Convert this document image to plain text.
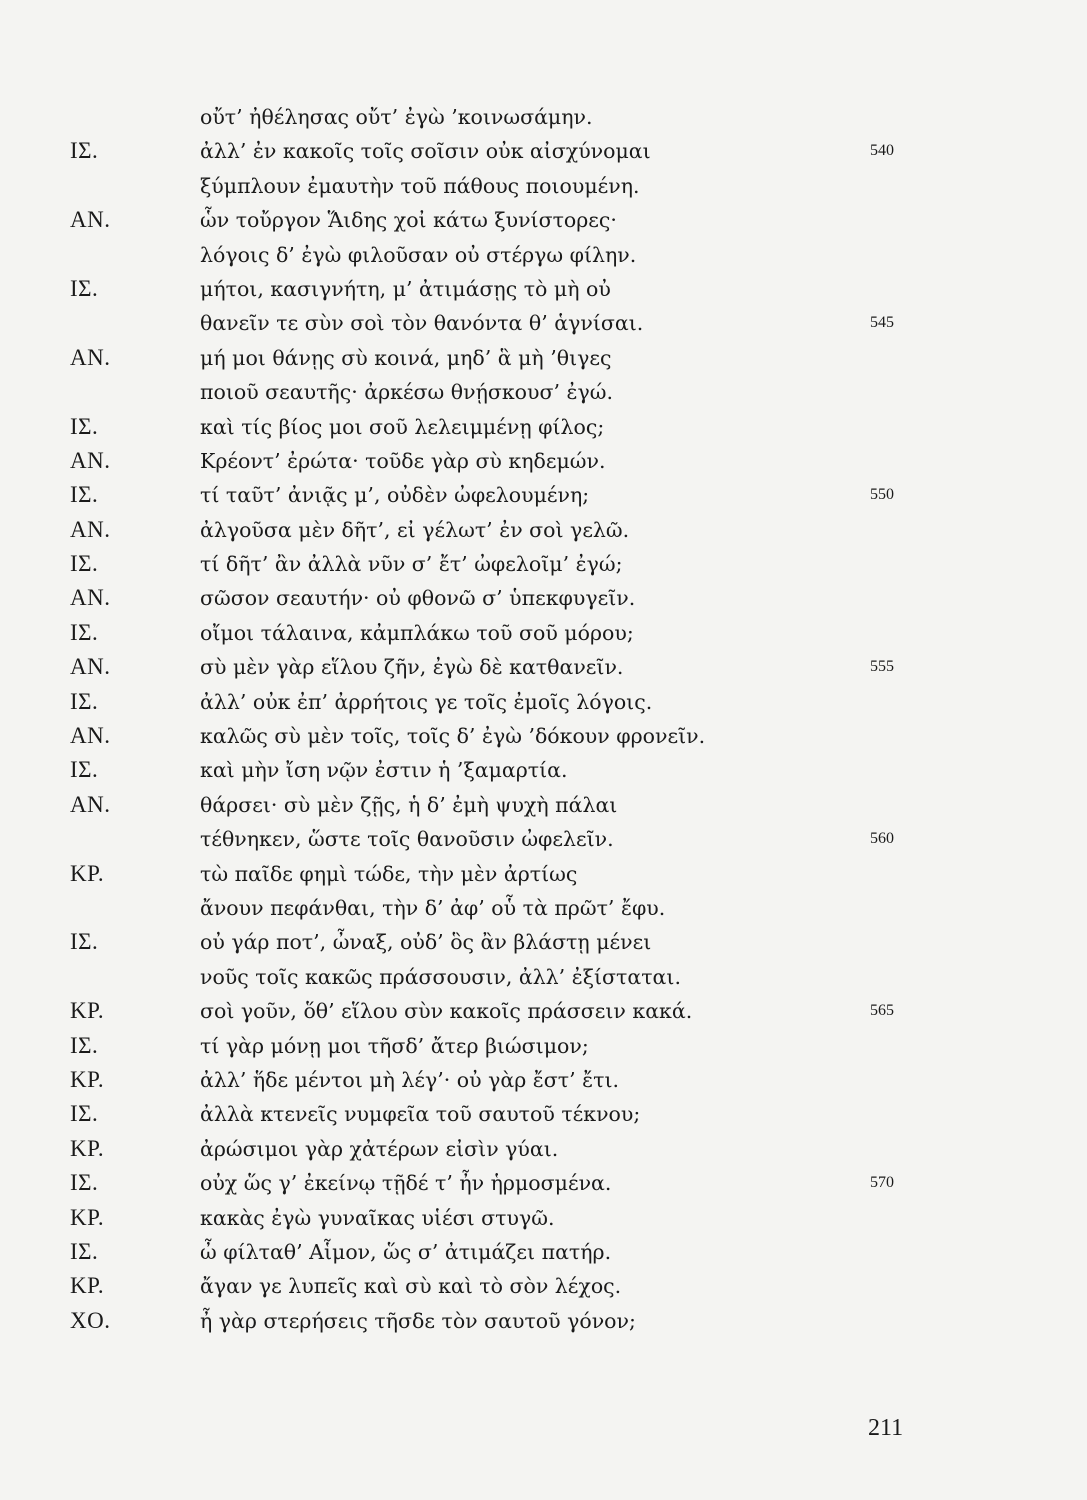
οὔτ’ ἠθέλησας οὔτ’ ἐγὼ ’κοινωσάμην.
ΙΣ.	ἀλλ’ ἐν κακοῖς τοῖς σοῖσιν οὐκ αἰσχύνομαι	540
ξύμπλουν ἐμαυτὴν τοῦ πάθους ποιουμένη.
ΑΝ.	ὧν τοὔργον Ἅιδης χοἰ κάτω ξυνίστορες·
λόγοις δ’ ἐγὼ φιλοῦσαν οὐ στέργω φίλην.
ΙΣ.	μήτοι, κασιγνήτη, μ’ ἀτιμάσῃς τὸ μὴ οὐ
θανεῖν τε σὺν σοὶ τὸν θανόντα θ’ ἁγνίσαι.	545
ΑΝ.	μή μοι θάνῃς σὺ κοινά, μηδ’ ἃ μὴ ’θιγες
ποιοῦ σεαυτῆς· ἀρκέσω θνῄσκουσ’ ἐγώ.
ΙΣ.	καὶ τίς βίος μοι σοῦ λελειμμένῃ φίλος;
ΑΝ.	Κρέοντ’ ἐρώτα· τοῦδε γὰρ σὺ κηδεμών.
ΙΣ.	τί ταῦτ’ ἀνιᾷς μ’, οὐδὲν ὠφελουμένη;	550
ΑΝ.	ἀλγοῦσα μὲν δῆτ’, εἰ γέλωτ’ ἐν σοὶ γελῶ.
ΙΣ.	τί δῆτ’ ἂν ἀλλὰ νῦν σ’ ἔτ’ ὠφελοῖμ’ ἐγώ;
ΑΝ.	σῶσον σεαυτήν· οὐ φθονῶ σ’ ὑπεκφυγεῖν.
ΙΣ.	οἴμοι τάλαινα, κἀμπλάκω τοῦ σοῦ μόρου;
ΑΝ.	σὺ μὲν γὰρ εἵλου ζῆν, ἐγὼ δὲ κατθανεῖν.	555
ΙΣ.	ἀλλ’ οὐκ ἐπ’ ἀρρήτοις γε τοῖς ἐμοῖς λόγοις.
ΑΝ.	καλῶς σὺ μὲν τοῖς, τοῖς δ’ ἐγὼ ’δόκουν φρονεῖν.
ΙΣ.	καὶ μὴν ἴση νῷν ἐστιν ἡ ’ξαμαρτία.
ΑΝ.	θάρσει· σὺ μὲν ζῇς, ἡ δ’ ἐμὴ ψυχὴ πάλαι
τέθνηκεν, ὥστε τοῖς θανοῦσιν ὠφελεῖν.	560
ΚΡ.	τὼ παῖδε φημὶ τώδε, τὴν μὲν ἀρτίως
ἄνουν πεφάνθαι, τὴν δ’ ἀφ’ οὗ τὰ πρῶτ’ ἔφυ.
ΙΣ.	οὐ γάρ ποτ’, ὦναξ, οὐδ’ ὃς ἂν βλάστῃ μένει
νοῦς τοῖς κακῶς πράσσουσιν, ἀλλ’ ἐξίσταται.
ΚΡ.	σοὶ γοῦν, ὅθ’ εἵλου σὺν κακοῖς πράσσειν κακά.	565
ΙΣ.	τί γὰρ μόνῃ μοι τῆσδ’ ἄτερ βιώσιμον;
ΚΡ.	ἀλλ’ ἥδε μέντοι μὴ λέγ’· οὐ γὰρ ἔστ’ ἔτι.
ΙΣ.	ἀλλὰ κτενεῖς νυμφεῖα τοῦ σαυτοῦ τέκνου;
ΚΡ.	ἀρώσιμοι γὰρ χἀτέρων εἰσὶν γύαι.
ΙΣ.	οὐχ ὥς γ’ ἐκείνῳ τῇδέ τ’ ἦν ἡρμοσμένα.	570
ΚΡ.	κακὰς ἐγὼ γυναῖκας υἱέσι στυγῶ.
ΙΣ.	ὦ φίλταθ’ Αἷμον, ὥς σ’ ἀτιμάζει πατήρ.
ΚΡ.	ἄγαν γε λυπεῖς καὶ σὺ καὶ τὸ σὸν λέχος.
ΧΟ.	ἦ γὰρ στερήσεις τῆσδε τὸν σαυτοῦ γόνον;
211
